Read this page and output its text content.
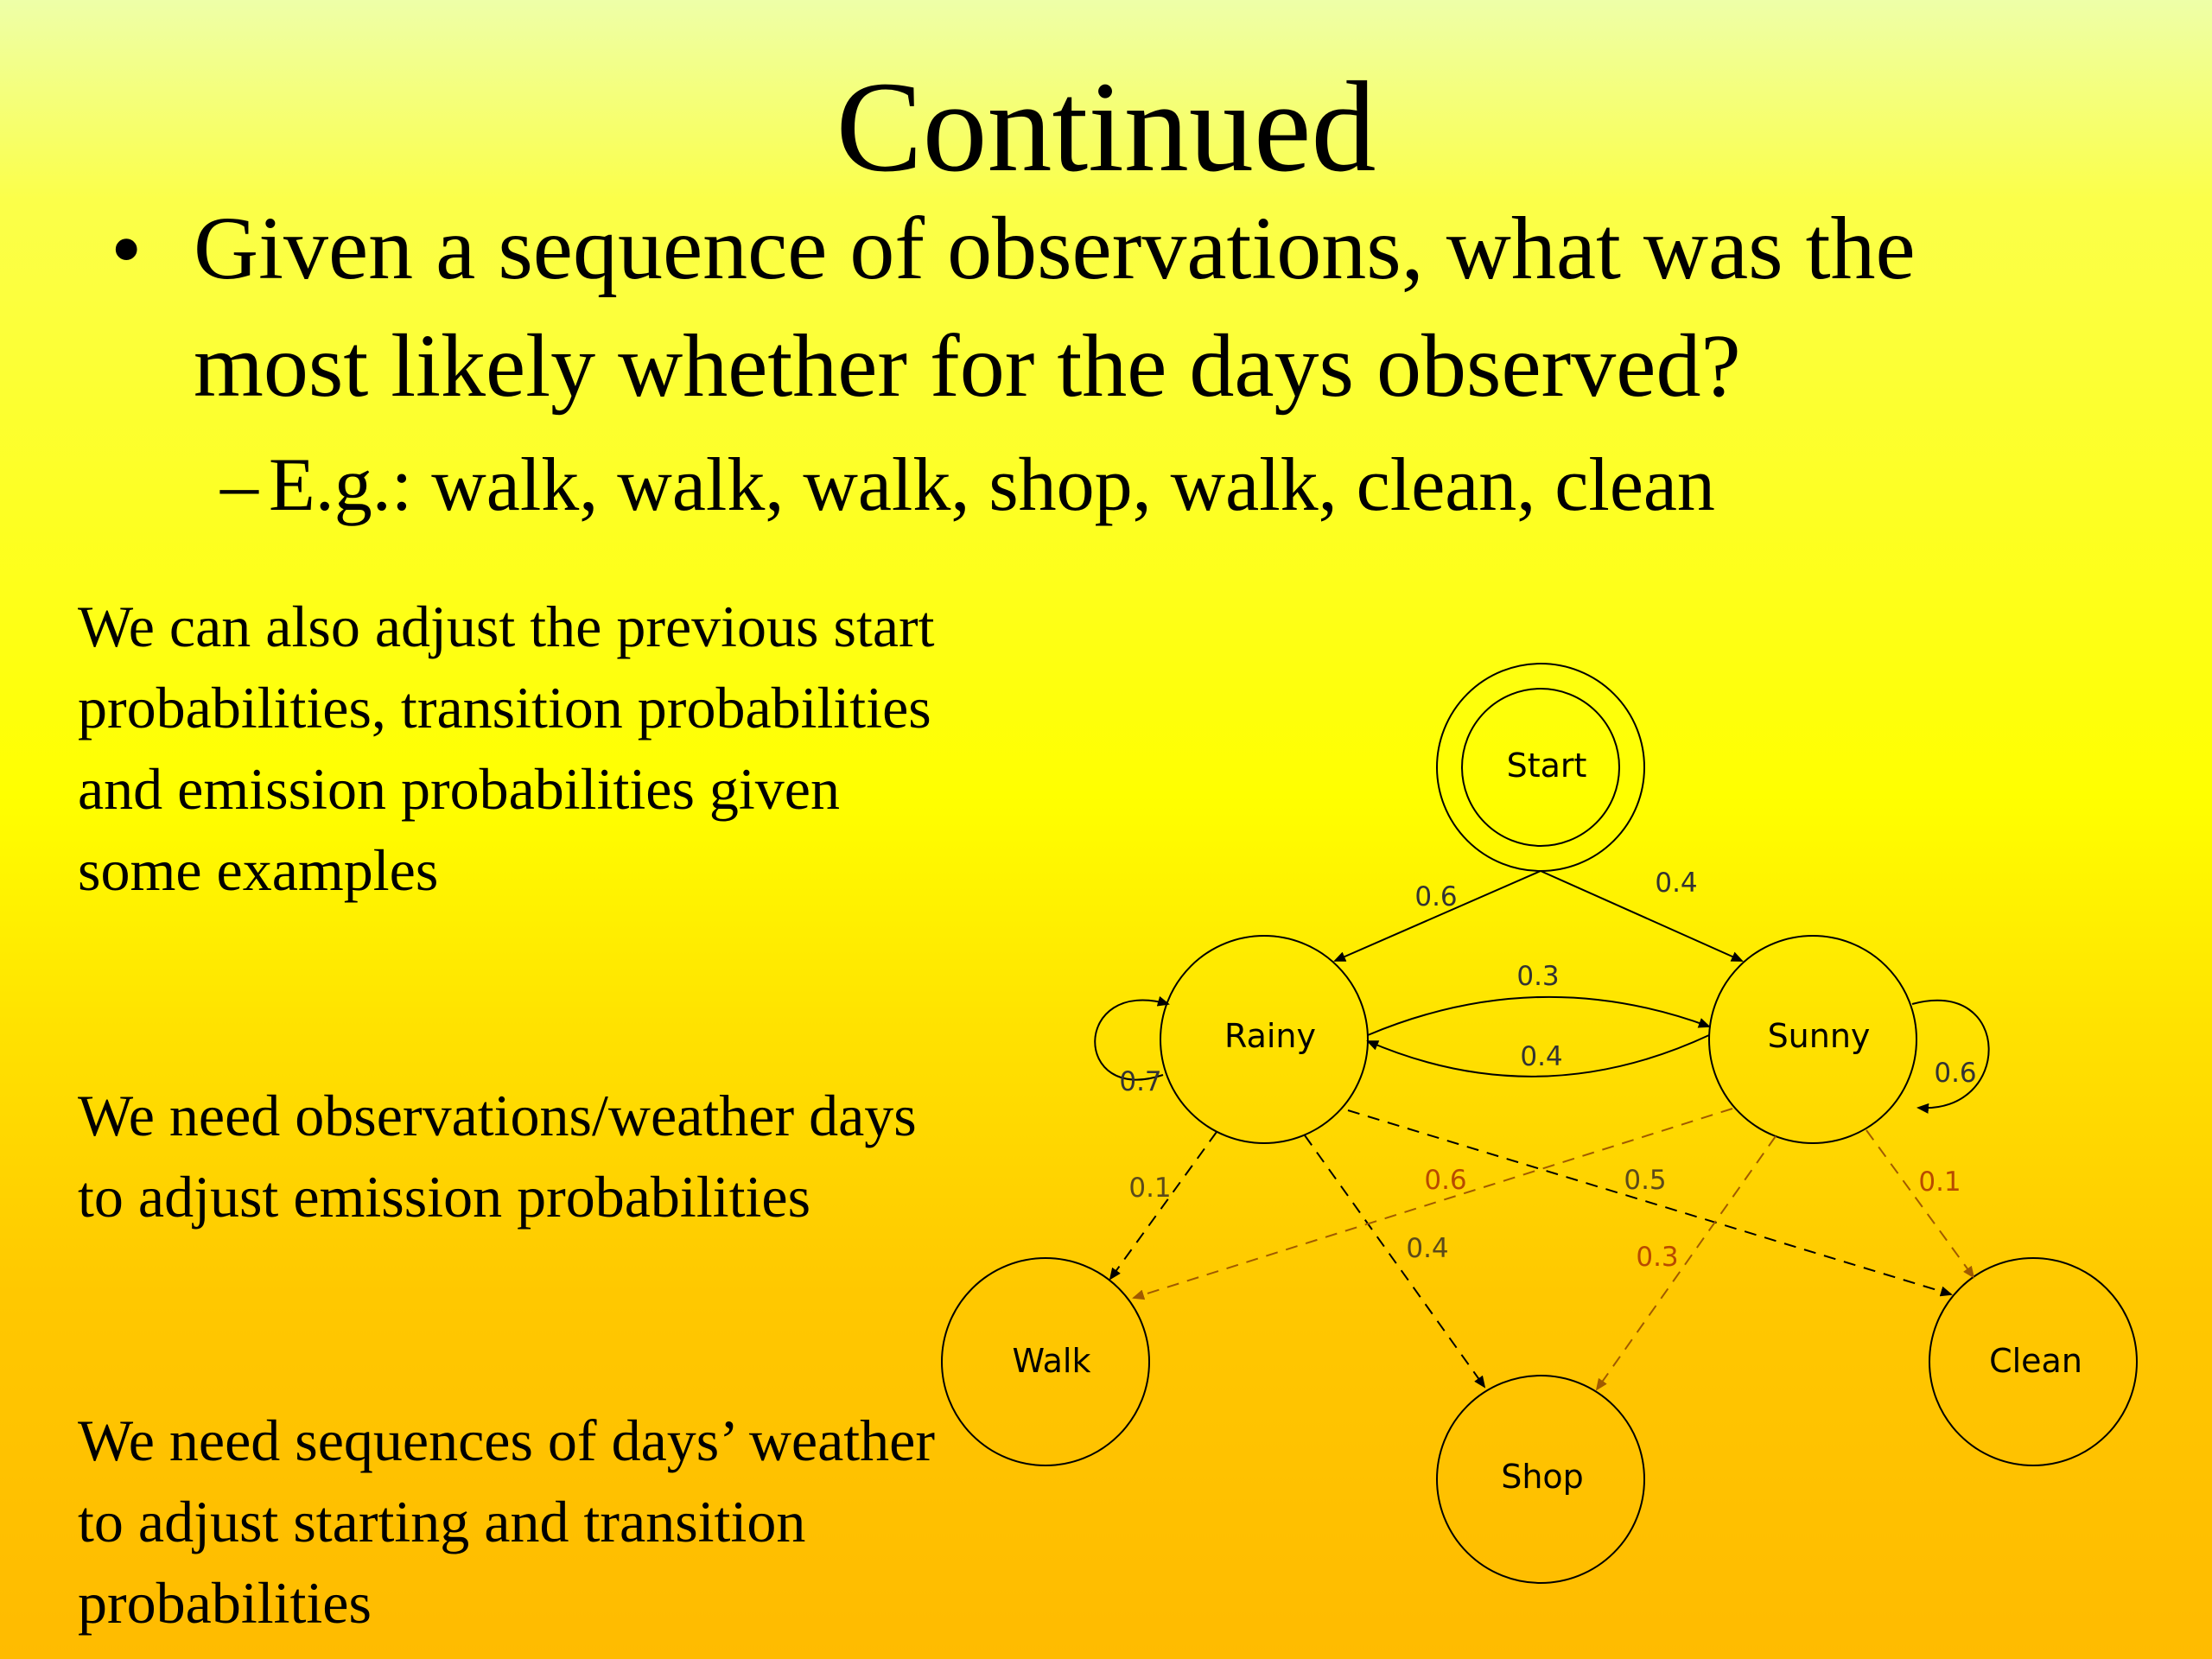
Continued
• Given a sequence of observations, what was the most likely whether for the days observed?
– E.g.: walk, walk, walk, shop, walk, clean, clean
We can also adjust the previous start probabilities, transition probabilities and emission probabilities given some examples
We need observations/weather days to adjust emission probabilities
We need sequences of days’ weather to adjust starting and transition probabilities
Start
Rainy	Sunny
Walk
Shop
Clean
0.6	0.4
0.3
0.4
0.7	0.6
0.1
0.4
0.5
0.6
0.3
0.1
